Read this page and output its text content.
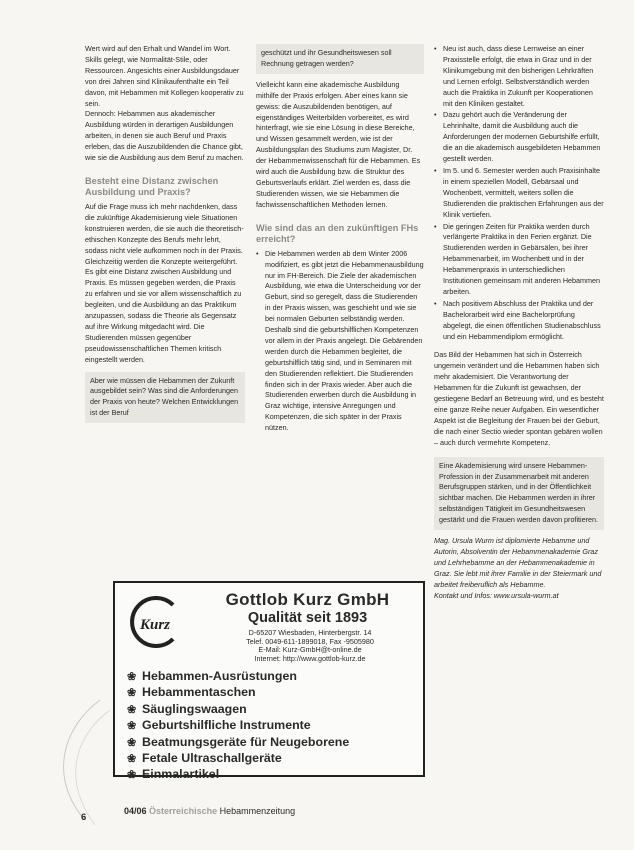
Wert wird auf den Erhalt und Wandel im Wort. Skills gelegt, wie Normalität-Stile, oder Ressourcen. Angesichts einer Ausbildungsdauer von drei Jahren sind Klinikaufenthalte ein Teil davon, mit Hebammen mit Kollegen kooperativ zu sein.

Dennoch: Hebammen aus akademischer Ausbildung würden in derartigen Ausbildungen arbeiten, in denen sie auch Beruf und Praxis erleben, das die Auszubildenden die Chance gibt, wie sie die Ausbildung aus dem Beruf zu machen.

Besteht eine Distanz zwischen Ausbildung und Praxis?

Auf die Frage muss ich mehr nachdenken, dass die zukünftige Akademisierung viele Situationen konstruieren werden, die sie auch die theoretisch-ethischen Konzepte des Berufs mehr lehrt, sodass nicht viele aufkommen noch in der Praxis. Gleichzeitig werden die Konzepte weitergeführt. Es gibt eine Distanz zwischen Ausbildung und Praxis. Es müssen gegeben werden, die Praxis zu erfahren und sie vor allem wissenschaftlich zu begleiten, und die Ausbildung an das Praktikum anzupassen, sodass die Theorie als Gegensatz auf ihre Wirkung mitgedacht wird. Die Studierenden müssen gegenüber pseudowissenschaftlichen Themen kritisch eingestellt werden.

Aber wie müssen die Hebammen der Zukunft ausgebildet sein? Was sind die Anforderungen der Praxis von heute? Welchen Entwicklungen ist der Beruf
geschützt und ihr Gesundheitswesen soll Rechnung getragen werden?

Vielleicht kann eine akademische Ausbildung mithilfe der Praxis erfolgen. Aber eines kann sie gewiss: die Auszubildenden benötigen, auf eigenständiges Weiterbilden vorbereitet, es wird hinterfragt, wie sie eine Lösung in diese Bereiche, und Wissen gesammelt werden, wie ist der Ausbildungsplan des Studiums zum Magister, Dr. der Hebammenwissenschaft für die Hebammen. Es wird auch die Ausbildung bzw. die Struktur des Geburtsverlaufs erklärt. Ziel werden es, dass die Studierenden wissen, wie sie Hebammen die fachwissenschaftlichen Methoden lernen.

Wie sind das an den zukünftigen FHs erreicht?
• Die Hebammen werden ab dem Winter 2006 modifiziert, es gibt jetzt die Hebammenausbildung nur im FH-Bereich. Die Ziele der akademischen Ausbildung, wie etwa die Unterscheidung vor der Geburt, sind so geregelt, dass die Studierenden in der Praxis wissen, was geschieht und wie sie bei normalen Geburten selbständig werden. Deshalb sind die geburtshilflichen Kompetenzen vor allem in der Praxis angelegt. Die Gebärenden werden durch die Hebammen begleitet, die geburtshilflich tätig sind, und in Seminaren mit den Studierenden reflektiert. Die Studierenden finden sich in der Praxis wieder. Aber auch die Studierenden erwerben durch die Ausbildung in Graz wichtige, intensive Anregungen und Kompetenzen, die sich später in der Praxis nützen.
• Neu ist auch, dass diese Lernweise an einer Praxisstelle erfolgt, die etwa in Graz und in der Klinikumgebung mit den bisherigen Lehrkräften und Lernen erfolgt. Selbstverständlich werden auch die Praktika in Zukunft per Kooperationen mit den Kliniken gestaltet.
• Dazu gehört auch die Veränderung der Lehrinhalte, damit die Ausbildung auch die Anforderungen der modernen Geburtshilfe erfüllt, die an die akademisch ausgebildeten Hebammen gestellt werden.
• Im 5. und 6. Semester werden auch Praxisinhalte in einem speziellen Modell, Gebärsaal und Wochenbett, vermittelt, weiters sollen die Studierenden die praktischen Erfahrungen aus der Klinik vertiefen.
• Die geringen Zeiten für Praktika werden durch verlängerte Praktika in den Ferien ergänzt. Die Studierenden werden in Gebärsälen, bei ihrer Hebammenarbeit, im Wochenbett und in der Hebammenpraxis in unterschiedlichen Institutionen gemeinsam mit anderen Hebammen arbeiten.
• Nach positivem Abschluss der Praktika und der Bachelorarbeit wird eine Bachelorprüfung abgelegt, die einen öffentlichen Studienabschluss und ein Hebammendiplom ermöglicht.

Das Bild der Hebammen hat sich in Österreich ungemein verändert und die Hebammen haben sich mehr akademisiert. Die Verantwortung der Hebammen für die Zukunft ist gewachsen, der gestiegene Bedarf an Betreuung wird, und es besteht eine ganze Reihe neuer Aufgaben. Ein wesentlicher Aspekt ist die Begleitung der Frauen bei der Geburt, die nach einer Sectio wieder spontan gebären wollen – auch durch vermehrte Kompetenz.

Eine Akademisierung wird unsere Hebammen-Profession in der Zusammenarbeit mit anderen Berufsgruppen stärken, und in der Öffentlichkeit sichtbar machen. Die Hebammen werden in ihrer selbständigen Tätigkeit im Gesundheitswesen gestärkt und die Frauen werden davon profitieren.

Mag. Ursula Wurm ist diplomierte Hebamme und Autorin, Absolventin der Hebammenakademie Graz und Lehrhebamme an der Hebammenakademie in Graz. Sie lebt mit ihrer Familie in der Steiermark und arbeitet freiberuflich als Hebamme.

Kontakt und Infos: www.ursula-wurm.at

Kurz
Gottlob Kurz GmbH
Qualität seit 1893
D-65207 Wiesbaden, Hinterbergstr. 14
Telef. 0049-611-1899018, Fax -9505980
E-Mail: Kurz-GmbH@t-online.de
Internet: http://www.gottlob-kurz.de
❀ Hebammen-Ausrüstungen
❀ Hebammentaschen
❀ Säuglingswaagen
❀ Geburtshilfliche Instrumente
❀ Beatmungsgeräte für Neugeborene
❀ Fetale Ultraschallgeräte
❀ Einmalartikel
6
04/06 Österreichische Hebammenzeitung
